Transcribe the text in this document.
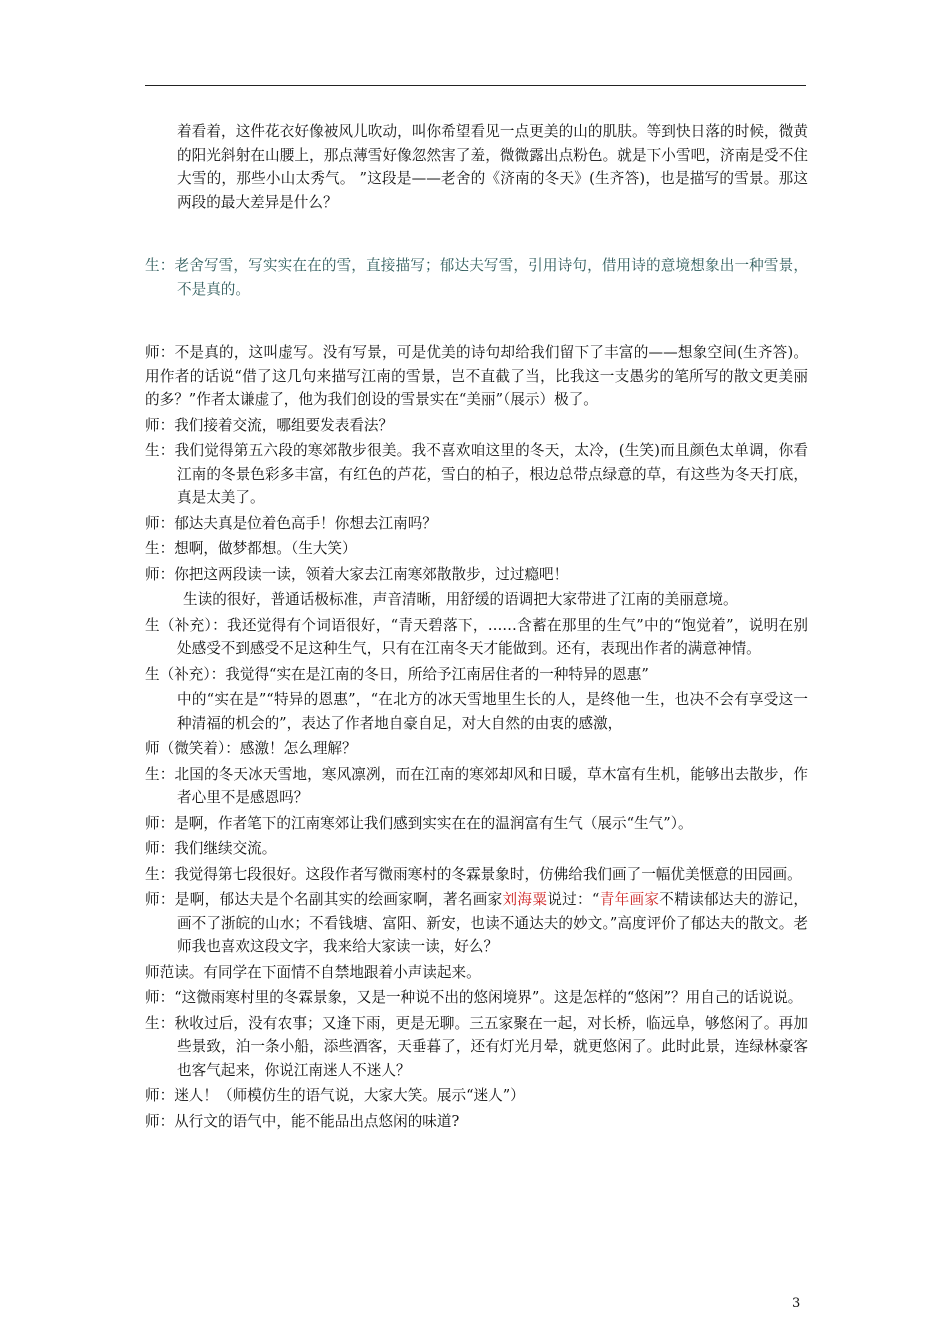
着看着，这件花衣好像被风儿吹动，叫你希望看见一点更美的山的肌肤。等到快日落的时候，微黄的阳光斜射在山腰上，那点薄雪好像忽然害了羞，微微露出点粉色。就是下小雪吧，济南是受不住大雪的，那些小山太秀气。 ”这段是——老舍的《济南的冬天》(生齐答)，也是描写的雪景。那这两段的最大差异是什么？

生：老舍写雪，写实实在在的雪，直接描写；郁达夫写雪，引用诗句，借用诗的意境想象出一种雪景，不是真的。

师：不是真的，这叫虚写。没有写景，可是优美的诗句却给我们留下了丰富的——想象空间(生齐答)。用作者的话说“借了这几句来描写江南的雪景，岂不直截了当，比我这一支愚劣的笔所写的散文更美丽的多？”作者太谦虚了，他为我们创设的雪景实在“美丽”（展示）极了。

师：我们接着交流，哪组要发表看法？

生：我们觉得第五六段的寒郊散步很美。我不喜欢咱这里的冬天，太冷，(生笑)而且颜色太单调，你看江南的冬景色彩多丰富，有红色的芦花，雪白的柏子，根边总带点绿意的草，有这些为冬天打底，真是太美了。

师：郁达夫真是位着色高手！你想去江南吗？

生：想啊，做梦都想。（生大笑）

师：你把这两段读一读，领着大家去江南寒郊散散步，过过瘾吧！

生读的很好，普通话极标准，声音清晰，用舒缓的语调把大家带进了江南的美丽意境。

生（补充）：我还觉得有个词语很好，“青天碧落下，……含蓄在那里的生气”中的“饱觉着”，说明在别处感受不到感受不足这种生气，只有在江南冬天才能做到。还有，表现出作者的满意神情。

生（补充）：我觉得“实在是江南的冬日，所给予江南居住者的一种特异的恩惠”

中的“实在是”“特异的恩惠”，“在北方的冰天雪地里生长的人，是终他一生，也决不会有享受这一种清福的机会的”，表达了作者地自豪自足，对大自然的由衷的感激，

师（微笑着）：感激！怎么理解？

生：北国的冬天冰天雪地，寒风凛冽，而在江南的寒郊却风和日暖，草木富有生机，能够出去散步，作者心里不是感恩吗？

师：是啊，作者笔下的江南寒郊让我们感到实实在在的温润富有生气（展示“生气”）。

师：我们继续交流。

生：我觉得第七段很好。这段作者写微雨寒村的冬霖景象时，仿佛给我们画了一幅优美惬意的田园画。

师：是啊，郁达夫是个名副其实的绘画家啊，著名画家刘海粟说过：“青年画家不精读郁达夫的游记，画不了浙皖的山水；不看钱塘、富阳、新安，也读不通达夫的妙文。”高度评价了郁达夫的散文。老师我也喜欢这段文字，我来给大家读一读，好么？

师范读。有同学在下面情不自禁地跟着小声读起来。

师：“这微雨寒村里的冬霖景象，又是一种说不出的悠闲境界”。这是怎样的“悠闲”？用自己的话说说。

生：秋收过后，没有农事；又逢下雨，更是无聊。三五家聚在一起，对长桥，临远阜，够悠闲了。再加些景致，泊一条小船，添些酒客，天垂暮了，还有灯光月晕，就更悠闲了。此时此景，连绿林豪客也客气起来，你说江南迷人不迷人？

师：迷人！（师模仿生的语气说，大家大笑。展示“迷人”）

师：从行文的语气中，能不能品出点悠闲的味道?

3
